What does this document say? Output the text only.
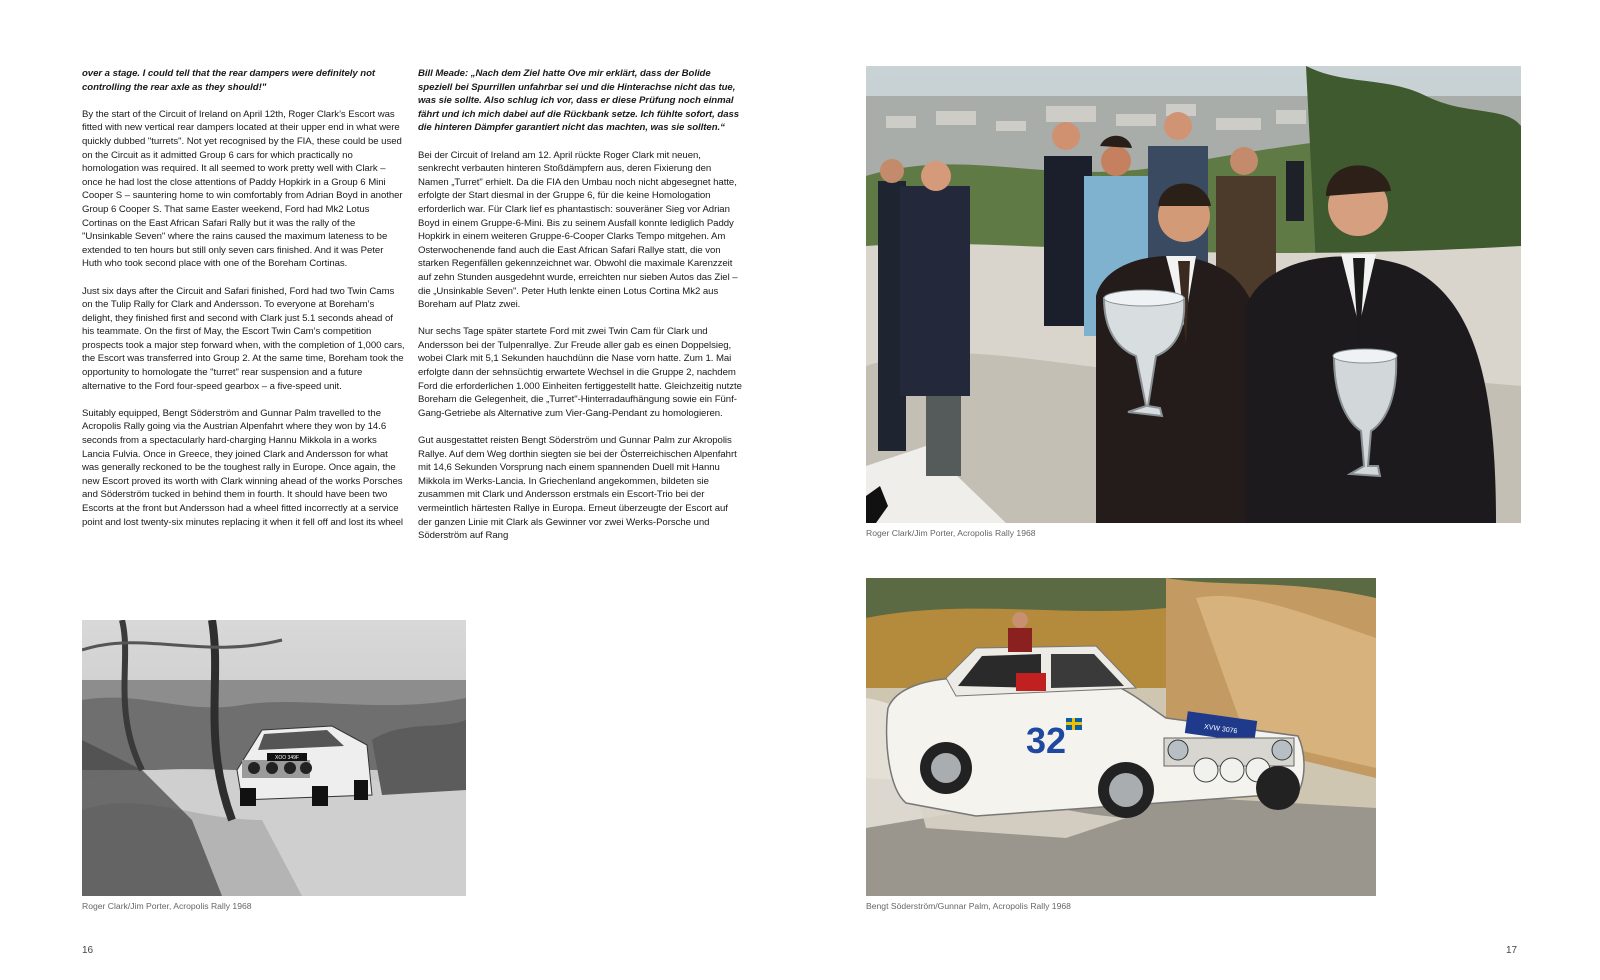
over a stage. I could tell that the rear dampers were definitely not controlling the rear axle as they should!"

By the start of the Circuit of Ireland on April 12th, Roger Clark’s Escort was fitted with new vertical rear dampers located at their upper end in what were quickly dubbed "turrets". Not yet recognised by the FIA, these could be used on the Circuit as it admitted Group 6 cars for which practically no homologation was required. It all seemed to work pretty well with Clark – once he had lost the close attentions of Paddy Hopkirk in a Group 6 Mini Cooper S – sauntering home to win comfortably from Adrian Boyd in another Group 6 Cooper S. That same Easter weekend, Ford had Mk2 Lotus Cortinas on the East African Safari Rally but it was the rally of the "Unsinkable Seven" where the rains caused the maximum lateness to be extended to ten hours but still only seven cars finished. And it was Peter Huth who took second place with one of the Boreham Cortinas.

Just six days after the Circuit and Safari finished, Ford had two Twin Cams on the Tulip Rally for Clark and Andersson. To everyone at Boreham’s delight, they finished first and second with Clark just 5.1 seconds ahead of his teammate. On the first of May, the Escort Twin Cam’s competition prospects took a major step forward when, with the completion of 1,000 cars, the Escort was transferred into Group 2. At the same time, Boreham took the opportunity to homologate the "turret" rear suspension and a future alternative to the Ford four-speed gearbox – a five-speed unit.

Suitably equipped, Bengt Söderström and Gunnar Palm travelled to the Acropolis Rally going via the Austrian Alpenfahrt where they won by 14.6 seconds from a spectacularly hard-charging Hannu Mikkola in a works Lancia Fulvia. Once in Greece, they joined Clark and Andersson for what was generally reckoned to be the toughest rally in Europe. Once again, the new Escort proved its worth with Clark winning ahead of the works Porsches and Söderström tucked in behind them in fourth. It should have been two Escorts at the front but Andersson had a wheel fitted incorrectly at a service point and lost twenty-six minutes replacing it when it fell off and lost its wheel

Bill Meade: „Nach dem Ziel hatte Ove mir erklärt, dass der Bolide speziell bei Spurrillen unfahrbar sei und die Hinterachse nicht das tue, was sie sollte. Also schlug ich vor, dass er diese Prüfung noch einmal fährt und ich mich dabei auf die Rückbank setze. Ich fühlte sofort, dass die hinteren Dämpfer garantiert nicht das machten, was sie sollten.“

Bei der Circuit of Ireland am 12. April rückte Roger Clark mit neuen, senkrecht verbauten hinteren Stoßdämpfern aus, deren Fixierung den Namen „Turret" erhielt. Da die FIA den Umbau noch nicht abgesegnet hatte, erfolgte der Start diesmal in der Gruppe 6, für die keine Homologation erforderlich war. Für Clark lief es phantastisch: souveräner Sieg vor Adrian Boyd in einem Gruppe-6-Mini. Bis zu seinem Ausfall konnte lediglich Paddy Hopkirk in einem weiteren Gruppe-6-Cooper Clarks Tempo mitgehen. Am Osterwochenende fand auch die East African Safari Rallye statt, die von starken Regenfällen gekennzeichnet war. Obwohl die maximale Karenzzeit auf zehn Stunden ausgedehnt wurde, erreichten nur sieben Autos das Ziel – die „Unsinkable Seven". Peter Huth lenkte einen Lotus Cortina Mk2 aus Boreham auf Platz zwei.

Nur sechs Tage später startete Ford mit zwei Twin Cam für Clark und Andersson bei der Tulpenrallye. Zur Freude aller gab es einen Doppelsieg, wobei Clark mit 5,1 Sekunden hauchdünn die Nase vorn hatte. Zum 1. Mai erfolgte dann der sehnsüchtig erwartete Wechsel in die Gruppe 2, nachdem Ford die erforderlichen 1.000 Einheiten fertiggestellt hatte. Gleichzeitig nutzte Boreham die Gelegenheit, die „Turret"-Hinterradaufhängung sowie ein Fünf-Gang-Getriebe als Alternative zum Vier-Gang-Pendant zu homologieren.

Gut ausgestattet reisten Bengt Söderström und Gunnar Palm zur Akropolis Rallye. Auf dem Weg dorthin siegten sie bei der Österreichischen Alpenfahrt mit 14,6 Sekunden Vorsprung nach einem spannenden Duell mit Hannu Mikkola im Werks-Lancia. In Griechenland angekommen, bildeten sie zusammen mit Clark und Andersson erstmals ein Escort-Trio bei der vermeintlich härtesten Rallye in Europa. Erneut überzeugte der Escort auf der ganzen Linie mit Clark als Gewinner vor zwei Werks-Porsche und Söderström auf Rang

XOO 349F
Roger Clark/Jim Porter, Acropolis Rally 1968
Roger Clark/Jim Porter, Acropolis Rally 1968
32	XVW 3076
Bengt Söderström/Gunnar Palm, Acropolis Rally 1968
16	17
